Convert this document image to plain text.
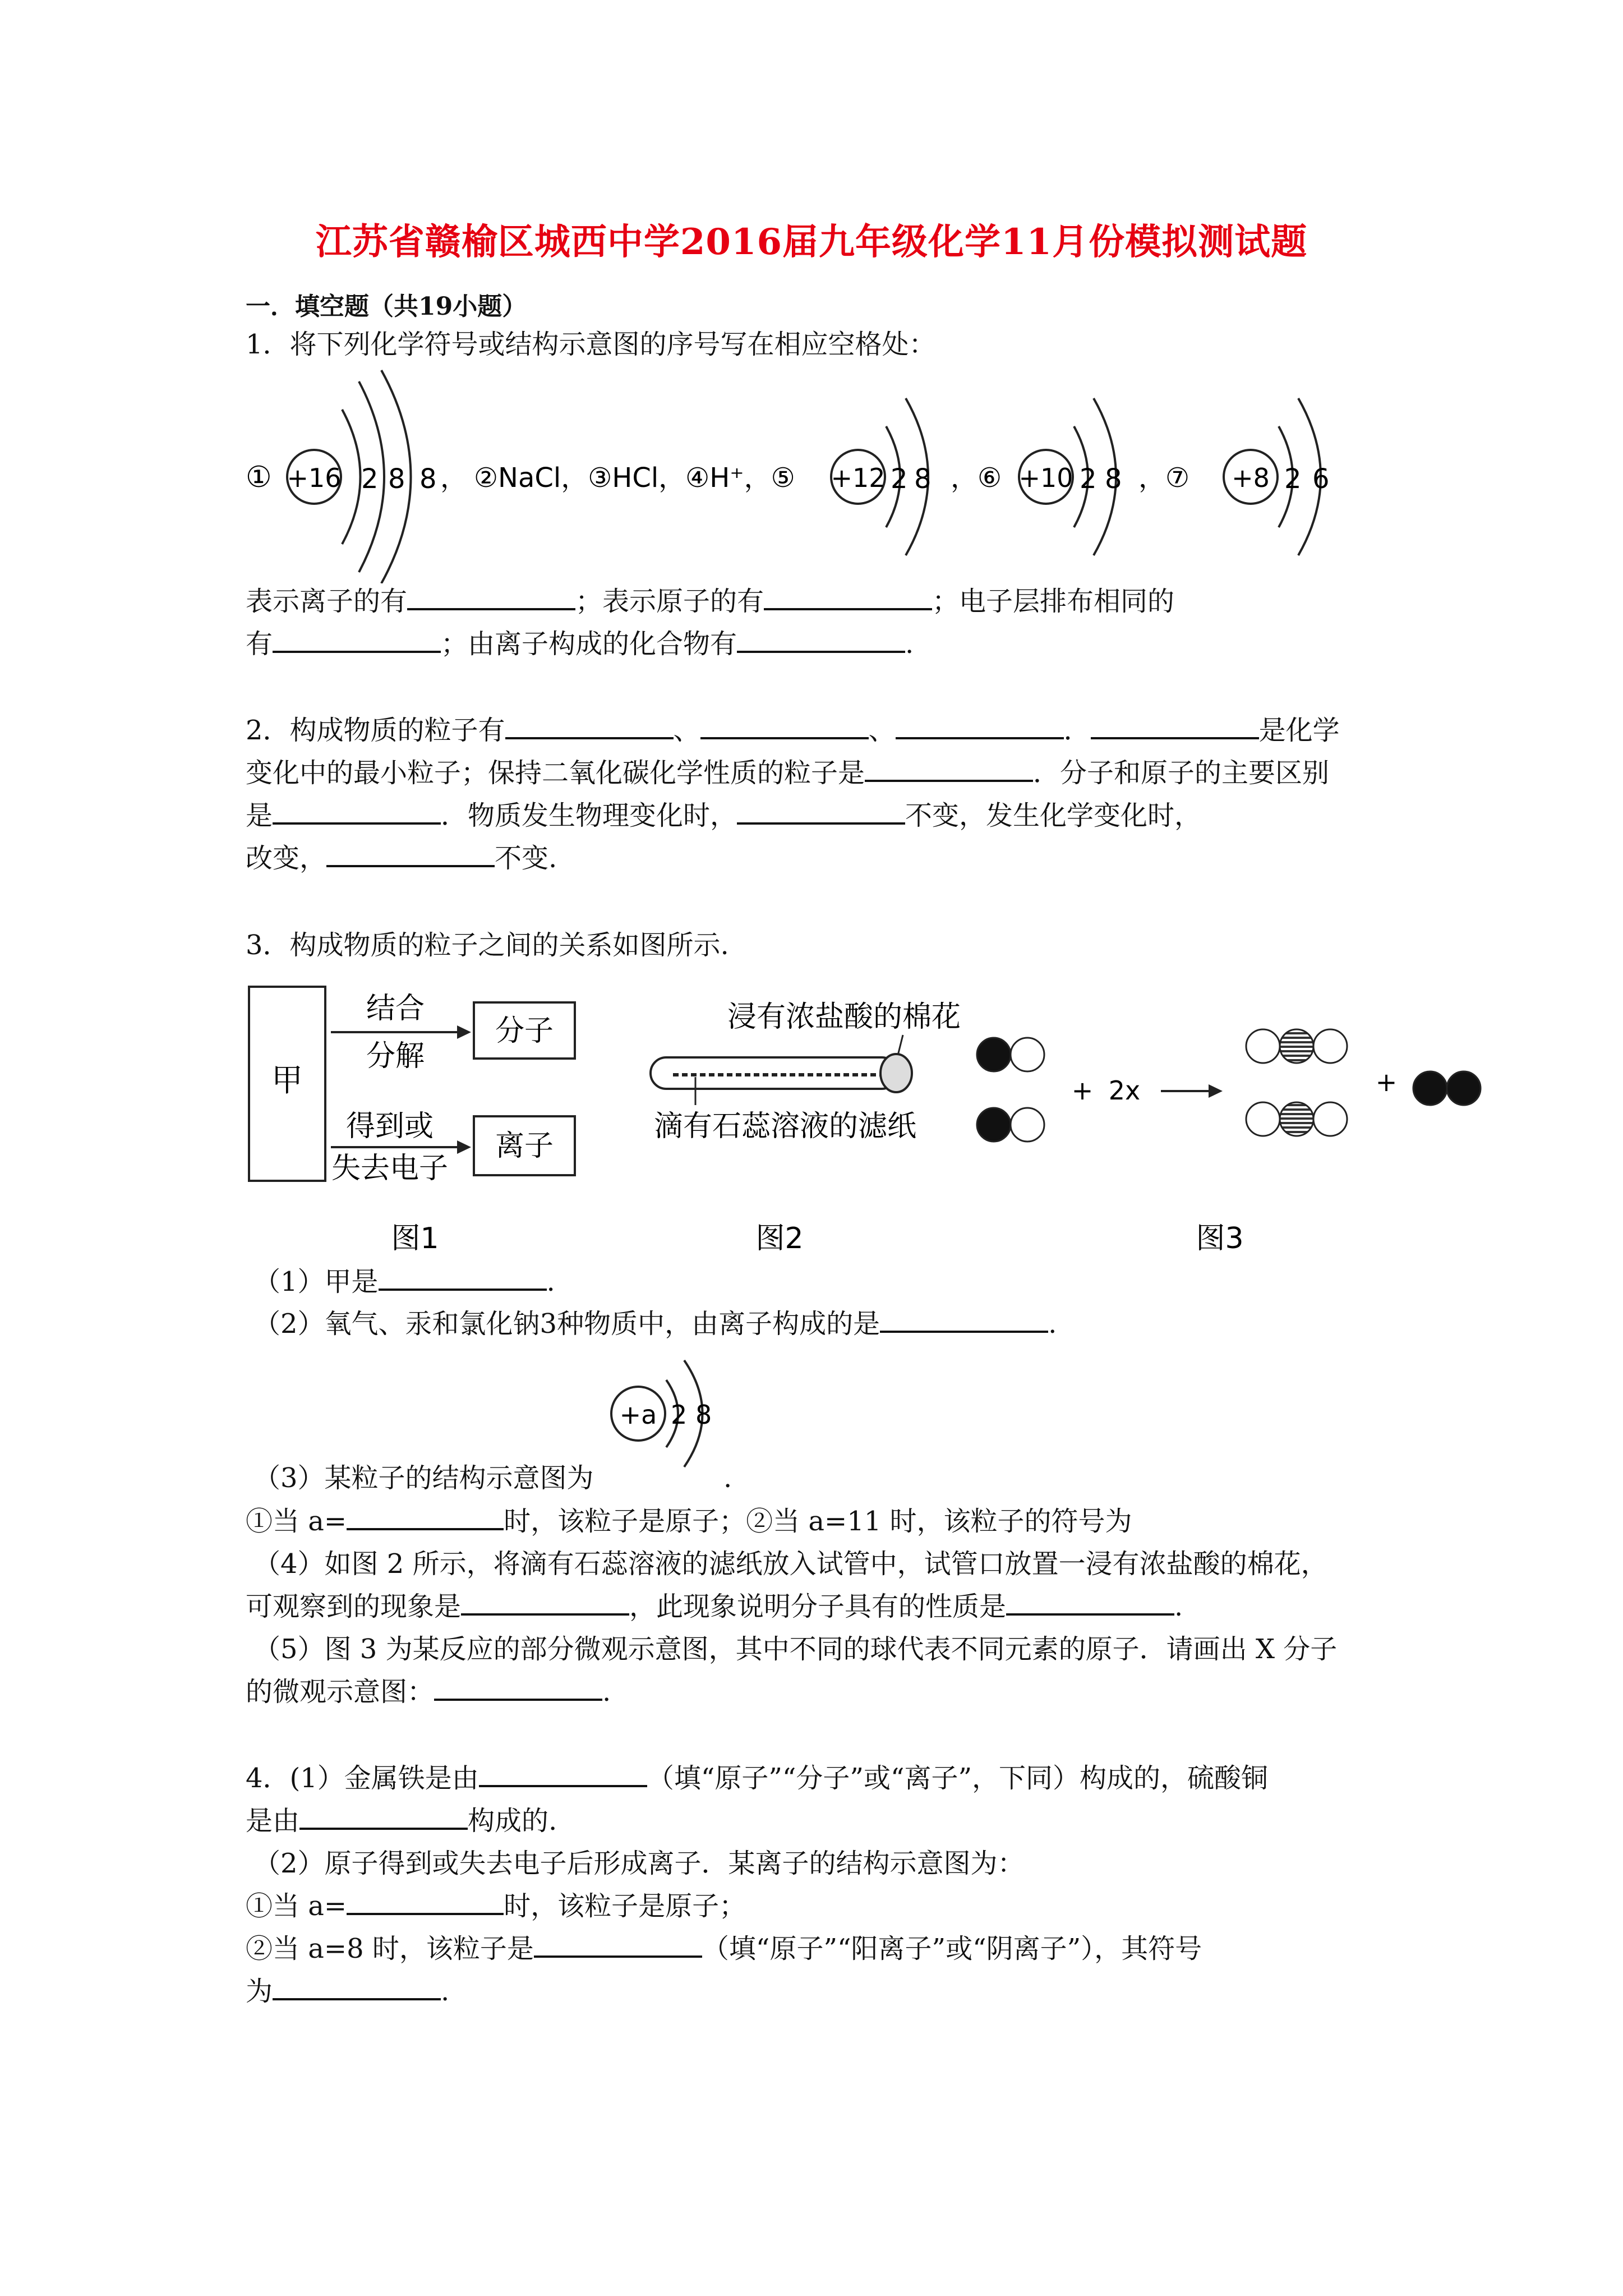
江苏省赣榆区城西中学2016届九年级化学11月份模拟测试题
一．填空题（共19小题）
1．将下列化学符号或结构示意图的序号写在相应空格处：
① +16 2 8 8 ， ②NaCl，③HCl，④H⁺，⑤ +12 2 8 ，⑥ +10 2 8 ，⑦ +8 2 6
表示离子的有	；表示原子的有	；电子层排布相同的
有	；由离子构成的化合物有	.
2．构成物质的粒子有	、	、	．	是化学
变化中的最小粒子；保持二氧化碳化学性质的粒子是	．分子和原子的主要区别
是	．物质发生物理变化时，	不变，发生化学变化时，
改变，	不变.
3．构成物质的粒子之间的关系如图所示.
甲
结合
分解
分子
得到或
失去电子
离子
图1
浸有浓盐酸的棉花
滴有石蕊溶液的滤纸
图2
+ 2x	+
图3
（1）甲是	.
（2）氧气、汞和氯化钠3种物质中，由离子构成的是	.
+a 2 8
（3）某粒子的结构示意图为	.
①当 a=	时，该粒子是原子；②当 a=11 时，该粒子的符号为
（4）如图 2 所示，将滴有石蕊溶液的滤纸放入试管中，试管口放置一浸有浓盐酸的棉花，
可观察到的现象是	，此现象说明分子具有的性质是	.
（5）图 3 为某反应的部分微观示意图，其中不同的球代表不同元素的原子．请画出 X 分子
的微观示意图：	.
4．(1）金属铁是由	（填“原子”“分子”或“离子”，下同）构成的，硫酸铜
是由	构成的.
（2）原子得到或失去电子后形成离子．某离子的结构示意图为：
①当 a=	时，该粒子是原子；
②当 a=8 时，该粒子是	（填“原子”“阳离子”或“阴离子”），其符号
为	.
